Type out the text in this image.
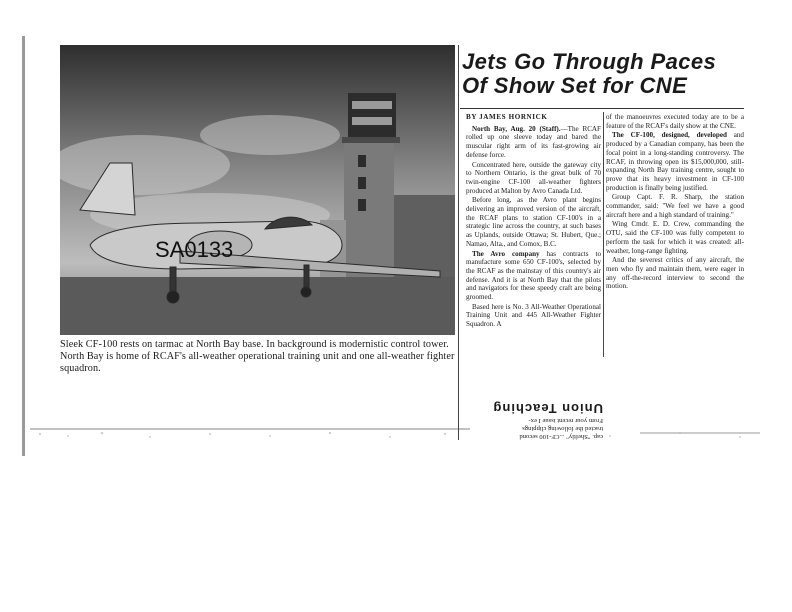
SA0133
Sleek CF-100 rests on tarmac at North Bay base. In background is modernistic control tower. North Bay is home of RCAF's all-weather operational training unit and one all-weather fighter squadron.
Jets Go Through Paces
Of Show Set for CNE

BY JAMES HORNICK

North Bay, Aug. 20 (Staff).—The RCAF rolled up one sleeve today and bared the muscular right arm of its fast-growing air defense force.

Concentrated here, outside the gateway city to Northern Ontario, is the great bulk of 70 twin-engine CF-100 all-weather fighters produced at Malton by Avro Canada Ltd.

Before long, as the Avro plant begins delivering an improved version of the aircraft, the RCAF plans to station CF-100's in a strategic line across the country, at such bases as Uplands, outside Ottawa; St. Hubert, Que.; Namao, Alta., and Comox, B.C.

The Avro company has contracts to manufacture some 650 CF-100's, selected by the RCAF as the mainstay of this country's air defense. And it is at North Bay that the pilots and navigators for these speedy craft are being groomed.

Based here is No. 3 All-Weather Operational Training Unit and 445 All-Weather Fighter Squadron. A

of the manoeuvres executed today are to be a feature of the RCAF's daily show at the CNE.

The CF-100, designed, developed and produced by a Canadian company, has been the focal point in a long-standing controversy. The RCAF, in throwing open its $15,000,000, still-expanding North Bay training centre, sought to prove that its heavy investment in CF-100 production is finally being justified.

Group Capt. F. R. Sharp, the station commander, said: "We feel we have a good aircraft here and a high standard of training."

Wing Cmdr. E. D. Crew, commanding the OTU, said the CF-100 was fully competent to perform the task for which it was created: all-weather, long-range fighting.

And the severest critics of any aircraft, the men who fly and maintain them, were eager in any off-the-record interview to second the motion.

cap. "Sheftly" ...CF-100 second
tracted the following clippings
From your recent issue I ex-
Union Teaching
